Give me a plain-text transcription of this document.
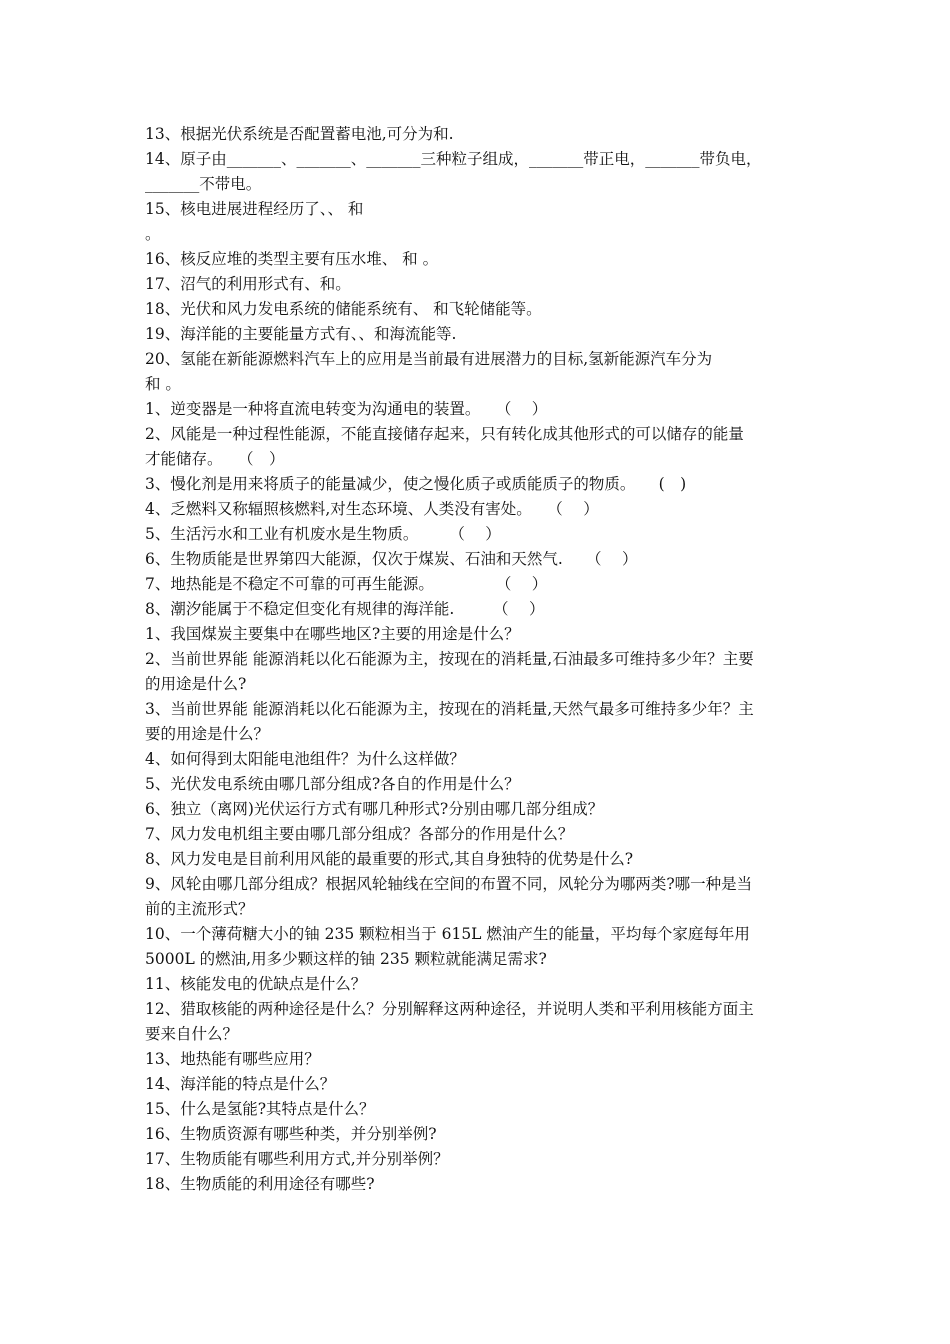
13、根据光伏系统是否配置蓄电池,可分为和.
14、原子由_______、_______、_______三种粒子组成，_______带正电，_______带负电，
_______不带电。
15、核电进展进程经历了、、 和
。
16、核反应堆的类型主要有压水堆、 和 。
17、沼气的利用形式有、和。
18、光伏和风力发电系统的储能系统有、 和飞轮储能等。
19、海洋能的主要能量方式有、、和海流能等.
20、氢能在新能源燃料汽车上的应用是当前最有进展潜力的目标,氢新能源汽车分为
和 。
1、逆变器是一种将直流电转变为沟通电的装置。　　（　 ）
2、风能是一种过程性能源，不能直接储存起来，只有转化成其他形式的可以储存的能量
才能储存。　　（　）
3、慢化剂是用来将质子的能量减少，使之慢化质子或质能质子的物质。　　(　)
4、乏燃料又称辐照核燃料,对生态环境、人类没有害处。　　（　 ）
5、生活污水和工业有机废水是生物质。　　　（　 ）
6、生物质能是世界第四大能源，仅次于煤炭、石油和天然气.　　（　 ）
7、地热能是不稳定不可靠的可再生能源。　　　　　（　 ）
8、潮汐能属于不稳定但变化有规律的海洋能.　　　（　 ）
1、我国煤炭主要集中在哪些地区?主要的用途是什么？
2、当前世界能 能源消耗以化石能源为主，按现在的消耗量,石油最多可维持多少年？主要
的用途是什么?
3、当前世界能 能源消耗以化石能源为主，按现在的消耗量,天然气最多可维持多少年？主
要的用途是什么？
4、如何得到太阳能电池组件？为什么这样做？
5、光伏发电系统由哪几部分组成?各自的作用是什么？
6、独立（离网)光伏运行方式有哪几种形式?分别由哪几部分组成？
7、风力发电机组主要由哪几部分组成？各部分的作用是什么？
8、风力发电是目前利用风能的最重要的形式,其自身独特的优势是什么?
9、风轮由哪几部分组成？根据风轮轴线在空间的布置不同，风轮分为哪两类?哪一种是当
前的主流形式？
10、一个薄荷糖大小的铀 235 颗粒相当于 615L 燃油产生的能量，平均每个家庭每年用
5000L 的燃油,用多少颗这样的铀 235 颗粒就能满足需求?
11、核能发电的优缺点是什么？
12、猎取核能的两种途径是什么？分别解释这两种途径，并说明人类和平利用核能方面主
要来自什么？
13、地热能有哪些应用？
14、海洋能的特点是什么？
15、什么是氢能?其特点是什么？
16、生物质资源有哪些种类，并分别举例?
17、生物质能有哪些利用方式,并分别举例？
18、生物质能的利用途径有哪些?
